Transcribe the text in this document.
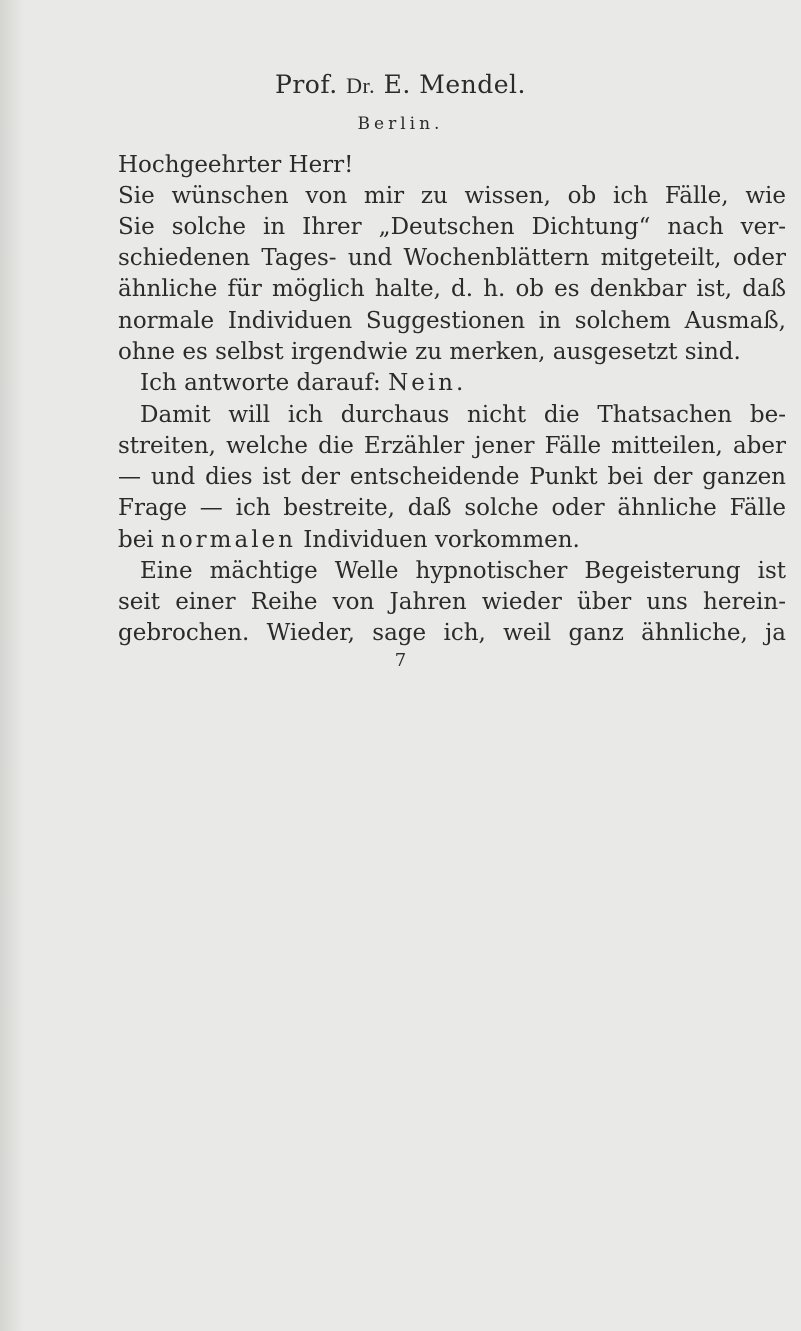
Prof. Dr. E. Mendel.
Berlin.
Hochgeehrter Herr!
Sie wünschen von mir zu wissen, ob ich Fälle, wie
Sie solche in Ihrer „Deutschen Dichtung“ nach ver-
schiedenen Tages- und Wochenblättern mitgeteilt, oder
ähnliche für möglich halte, d. h. ob es denkbar ist, daß
normale Individuen Suggestionen in solchem Ausmaß,
ohne es selbst irgendwie zu merken, ausgesetzt sind.
Ich antworte darauf: Nein.
Damit will ich durchaus nicht die Thatsachen be-
streiten, welche die Erzähler jener Fälle mitteilen, aber
— und dies ist der entscheidende Punkt bei der ganzen
Frage — ich bestreite, daß solche oder ähnliche Fälle
bei normalen Individuen vorkommen.
Eine mächtige Welle hypnotischer Begeisterung ist
seit einer Reihe von Jahren wieder über uns herein-
gebrochen. Wieder, sage ich, weil ganz ähnliche, ja
7
